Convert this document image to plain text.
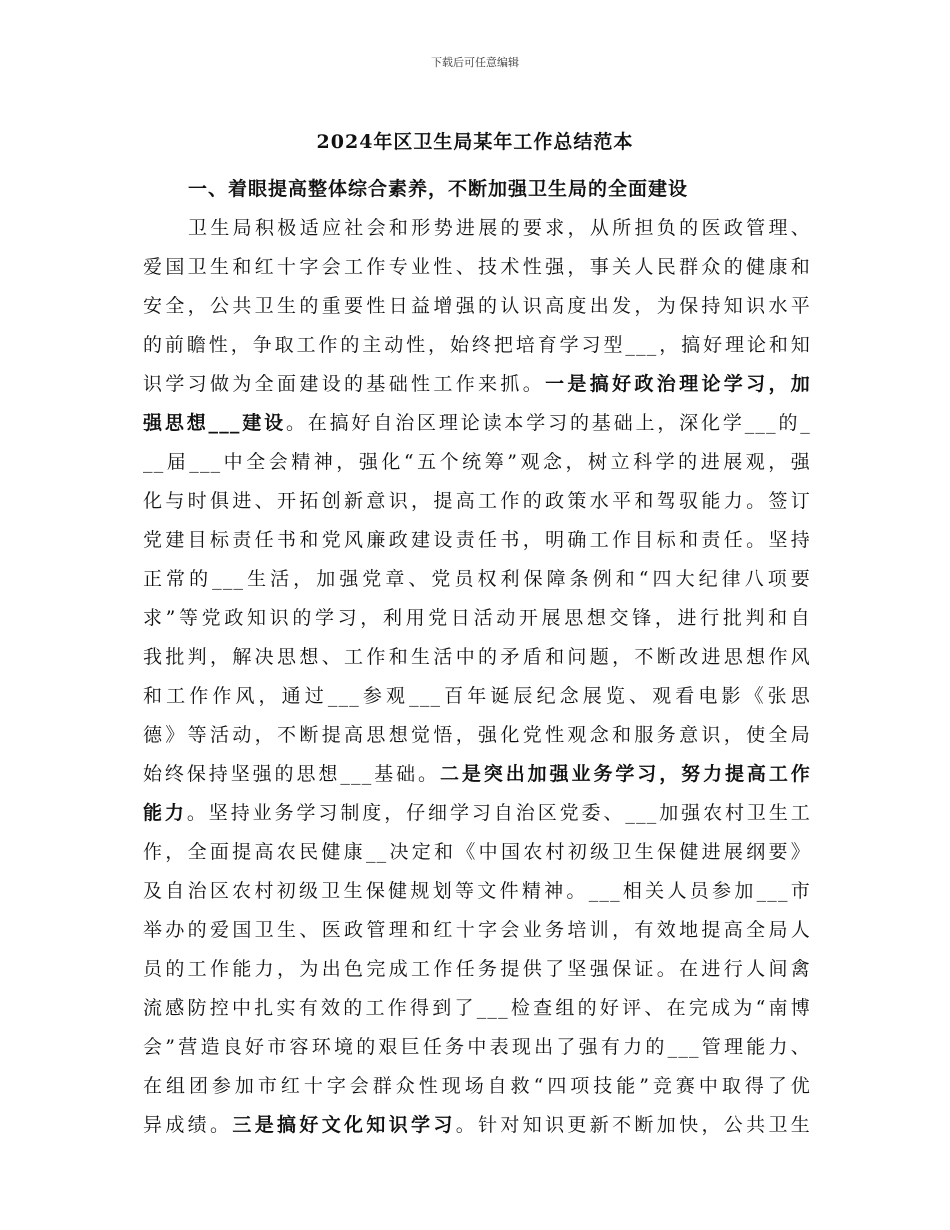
下载后可任意编辑
2024年区卫生局某年工作总结范本
一、着眼提高整体综合素养，不断加强卫生局的全面建设
卫生局积极适应社会和形势进展的要求，从所担负的医政管理、
爱国卫生和红十字会工作专业性、技术性强，事关人民群众的健康和
安全，公共卫生的重要性日益增强的认识高度出发，为保持知识水平
的前瞻性，争取工作的主动性，始终把培育学习型___，搞好理论和知
识学习做为全面建设的基础性工作来抓。一是搞好政治理论学习，加
强思想___建设。在搞好自治区理论读本学习的基础上，深化学___的_
__届___中全会精神，强化“五个统筹”观念，树立科学的进展观，强
化与时俱进、开拓创新意识，提高工作的政策水平和驾驭能力。签订
党建目标责任书和党风廉政建设责任书，明确工作目标和责任。坚持
正常的___生活，加强党章、党员权利保障条例和“四大纪律八项要
求”等党政知识的学习，利用党日活动开展思想交锋，进行批判和自
我批判，解决思想、工作和生活中的矛盾和问题，不断改进思想作风
和工作作风，通过___参观___百年诞辰纪念展览、观看电影《张思
德》等活动，不断提高思想觉悟，强化党性观念和服务意识，使全局
始终保持坚强的思想___基础。二是突出加强业务学习，努力提高工作
能力。坚持业务学习制度，仔细学习自治区党委、___加强农村卫生工
作，全面提高农民健康__决定和《中国农村初级卫生保健进展纲要》
及自治区农村初级卫生保健规划等文件精神。___相关人员参加___市
举办的爱国卫生、医政管理和红十字会业务培训，有效地提高全局人
员的工作能力，为出色完成工作任务提供了坚强保证。在进行人间禽
流感防控中扎实有效的工作得到了___检查组的好评、在完成为“南博
会”营造良好市容环境的艰巨任务中表现出了强有力的___管理能力、
在组团参加市红十字会群众性现场自救“四项技能”竞赛中取得了优
异成绩。三是搞好文化知识学习。针对知识更新不断加快，公共卫生
